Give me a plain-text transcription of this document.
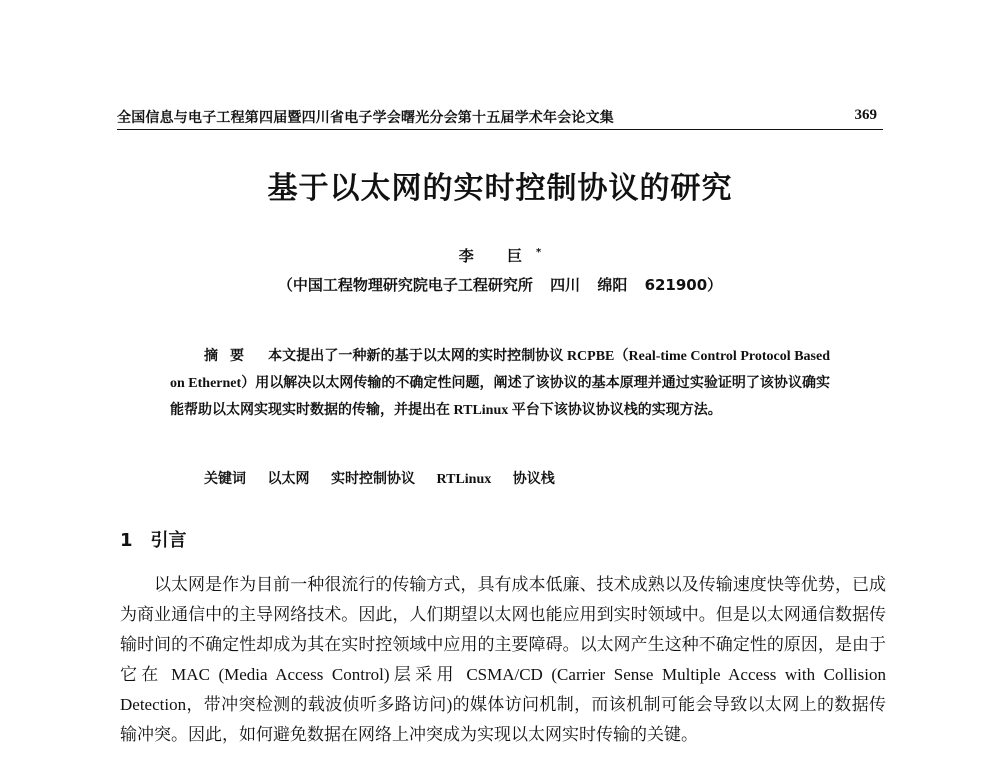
全国信息与电子工程第四届暨四川省电子学会曙光分会第十五届学术年会论文集	369
基于以太网的实时控制协议的研究
李 巨*
（中国工程物理研究院电子工程研究所 四川 绵阳 621900）
摘要 本文提出了一种新的基于以太网的实时控制协议 RCPBE（Real-time Control Protocol Based on Ethernet）用以解决以太网传输的不确定性问题，阐述了该协议的基本原理并通过实验证明了该协议确实能帮助以太网实现实时数据的传输，并提出在 RTLinux 平台下该协议协议栈的实现方法。
关键词 以太网 实时控制协议 RTLinux 协议栈
1 引言
以太网是作为目前一种很流行的传输方式，具有成本低廉、技术成熟以及传输速度快等优势，已成为商业通信中的主导网络技术。因此，人们期望以太网也能应用到实时领域中。但是以太网通信数据传输时间的不确定性却成为其在实时控领域中应用的主要障碍。以太网产生这种不确定性的原因，是由于它在 MAC (Media Access Control)层采用 CSMA/CD (Carrier Sense Multiple Access with Collision Detection，带冲突检测的载波侦听多路访问)的媒体访问机制，而该机制可能会导致以太网上的数据传输冲突。因此，如何避免数据在网络上冲突成为实现以太网实时传输的关键。
